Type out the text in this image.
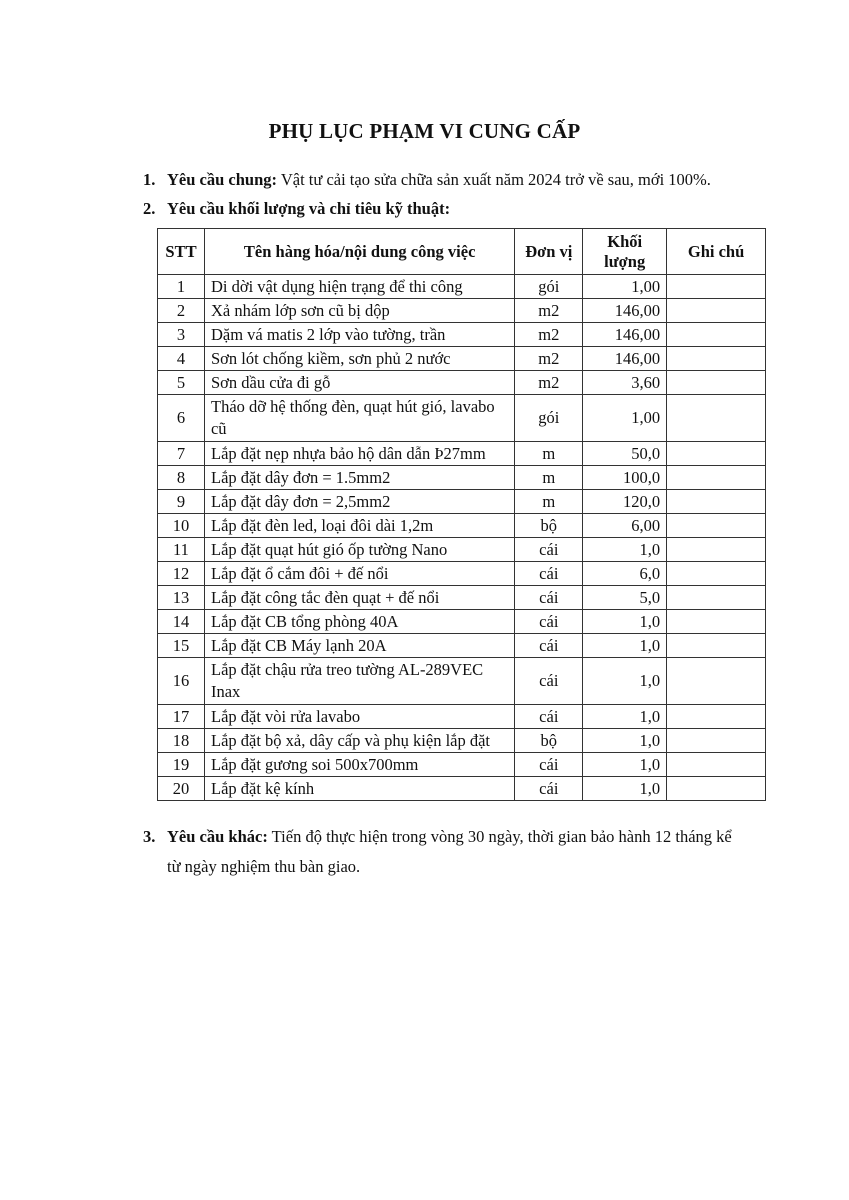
PHỤ LỤC PHẠM VI CUNG CẤP
1. Yêu cầu chung: Vật tư cải tạo sửa chữa sản xuất năm 2024 trở về sau, mới 100%.
2. Yêu cầu khối lượng và chỉ tiêu kỹ thuật:
STT	Tên hàng hóa/nội dung công việc	Đơn vị	Khối lượng	Ghi chú
1	Di dời vật dụng hiện trạng để thi công	gói	1,00	
2	Xả nhám lớp sơn cũ bị dộp	m2	146,00	
3	Dặm vá matis 2 lớp vào tường, trần	m2	146,00	
4	Sơn lót chống kiềm, sơn phủ 2 nước	m2	146,00	
5	Sơn dầu cửa đi gỗ	m2	3,60	
6	Tháo dỡ hệ thống đèn, quạt hút gió, lavabo cũ	gói	1,00	
7	Lắp đặt nẹp nhựa bảo hộ dân dẫn Þ27mm	m	50,0	
8	Lắp đặt dây đơn = 1.5mm2	m	100,0	
9	Lắp đặt dây đơn = 2,5mm2	m	120,0	
10	Lắp đặt đèn led, loại đôi dài 1,2m	bộ	6,00	
11	Lắp đặt quạt hút gió ốp tường Nano	cái	1,0	
12	Lắp đặt ổ cắm đôi + đế nổi	cái	6,0	
13	Lắp đặt công tắc đèn quạt + đế nổi	cái	5,0	
14	Lắp đặt CB tổng phòng 40A	cái	1,0	
15	Lắp đặt CB Máy lạnh 20A	cái	1,0	
16	Lắp đặt chậu rửa treo tường AL-289VEC Inax	cái	1,0	
17	Lắp đặt vòi rửa lavabo	cái	1,0	
18	Lắp đặt bộ xả, dây cấp và phụ kiện lắp đặt	bộ	1,0	
19	Lắp đặt gương soi 500x700mm	cái	1,0	
20	Lắp đặt kệ kính	cái	1,0	
3. Yêu cầu khác: Tiến độ thực hiện trong vòng 30 ngày, thời gian bảo hành 12 tháng kể
từ ngày nghiệm thu bàn giao.
